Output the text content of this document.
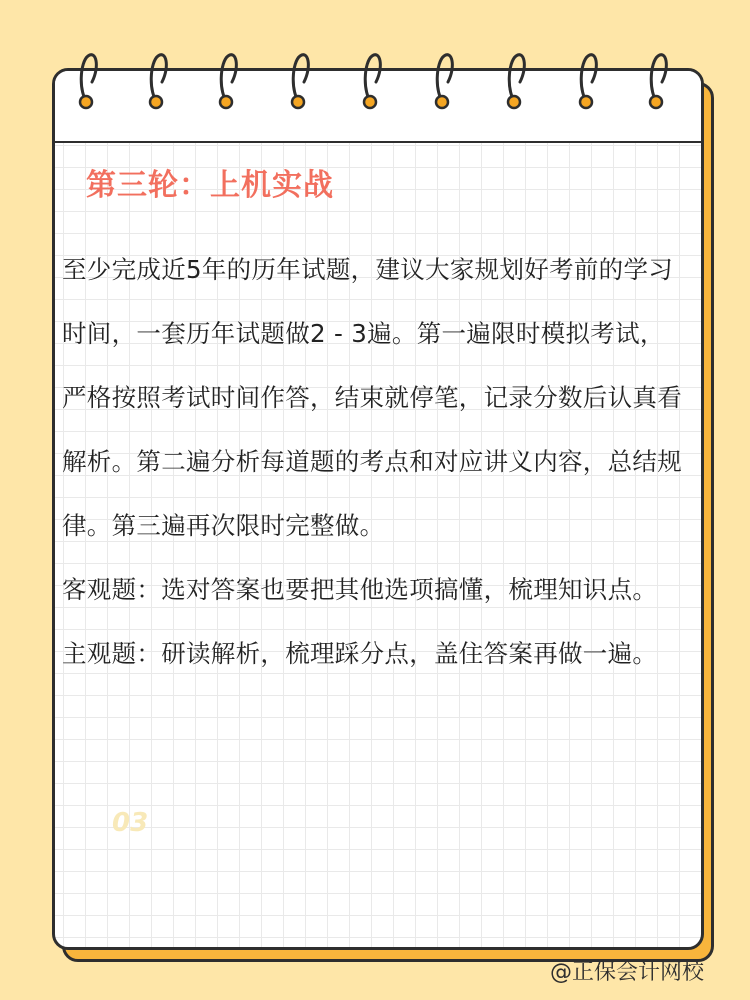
03
第三轮：上机实战

至少完成近5年的历年试题，建议大家规划好考前的学习时间，一套历年试题做2 - 3遍。第一遍限时模拟考试，严格按照考试时间作答，结束就停笔，记录分数后认真看解析。第二遍分析每道题的考点和对应讲义内容，总结规律。第三遍再次限时完整做。

客观题：选对答案也要把其他选项搞懂，梳理知识点。

主观题：研读解析，梳理踩分点，盖住答案再做一遍。

@正保会计网校
